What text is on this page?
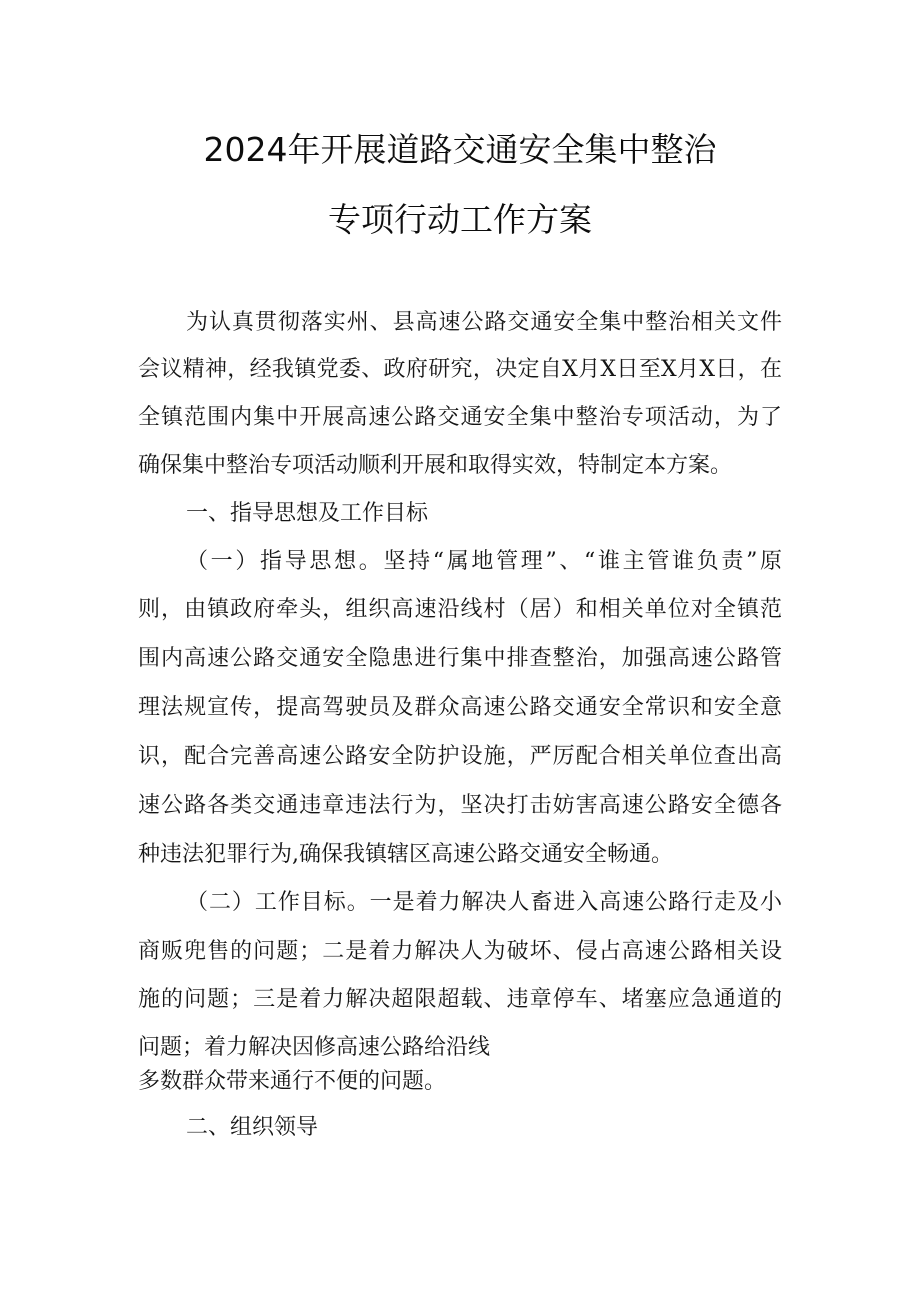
2024年开展道路交通安全集中整治
专项行动工作方案
为认真贯彻落实州、县高速公路交通安全集中整治相关文件
会议精神，经我镇党委、政府研究，决定自X月X日至X月X日，在
全镇范围内集中开展高速公路交通安全集中整治专项活动，为了
确保集中整治专项活动顺利开展和取得实效，特制定本方案。
一、指导思想及工作目标
（一）指导思想。坚持“属地管理”、“谁主管谁负责”原
则，由镇政府牵头，组织高速沿线村（居）和相关单位对全镇范
围内高速公路交通安全隐患进行集中排查整治，加强高速公路管
理法规宣传，提高驾驶员及群众高速公路交通安全常识和安全意
识，配合完善高速公路安全防护设施，严厉配合相关单位查出高
速公路各类交通违章违法行为，坚决打击妨害高速公路安全德各
种违法犯罪行为,确保我镇辖区高速公路交通安全畅通。
（二）工作目标。一是着力解决人畜进入高速公路行走及小
商贩兜售的问题；二是着力解决人为破坏、侵占高速公路相关设
施的问题；三是着力解决超限超载、违章停车、堵塞应急通道的
问题；着力解决因修高速公路给沿线
多数群众带来通行不便的问题。
二、组织领导
